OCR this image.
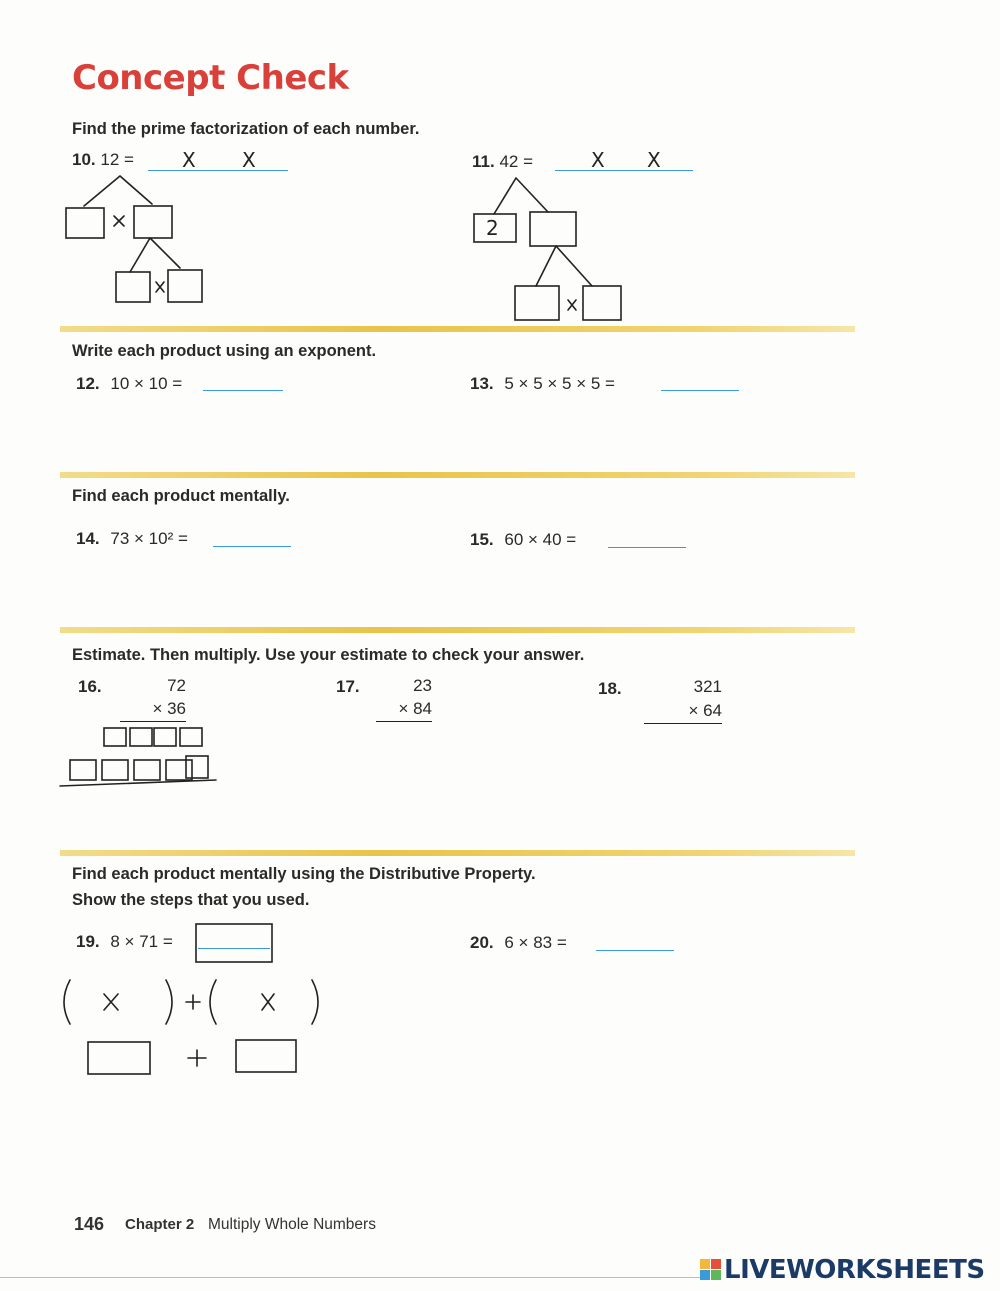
Concept Check
Find the prime factorization of each number.
10. 12 = X X	11. 42 =	X X
2
Write each product using an exponent.
12. 10 × 10 =	13. 5 × 5 × 5 × 5 =
Find each product mentally.
14. 73 × 10² =	15. 60 × 40 =
Estimate. Then multiply. Use your estimate to check your answer.
16.	72
× 36
17.	23
× 84
18.	321
× 64
Find each product mentally using the Distributive Property.
Show the steps that you used.
19. 8 × 71 =	20. 6 × 83 =
146 Chapter 2 Multiply Whole Numbers
LIVEWORKSHEETS
